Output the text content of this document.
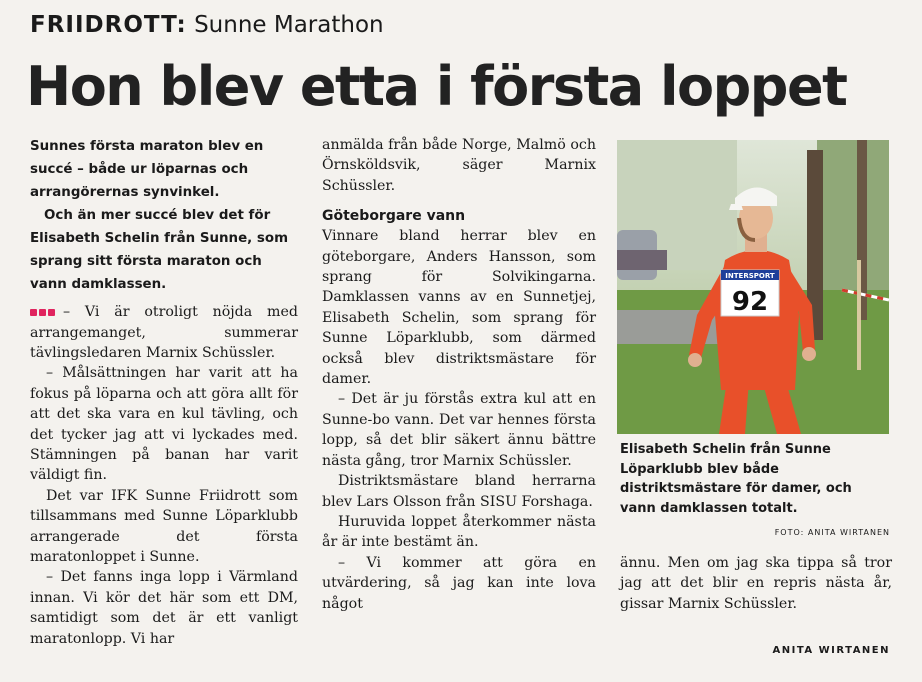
FRIIDROTT: Sunne Marathon
Hon blev etta i första loppet

Sunnes första maraton blev en succé – både ur löparnas och arrangörernas synvinkel.

Och än mer succé blev det för Elisabeth Schelin från Sunne, som sprang sitt första maraton och vann damklassen.

– Vi är otroligt nöjda med arrangemanget, summerar tävlingsledaren Marnix Schüssler.

– Målsättningen har varit att ha fokus på löparna och att göra allt för att det ska vara en kul tävling, och det tycker jag att vi lyckades med. Stämningen på banan har varit väldigt fin.

Det var IFK Sunne Friidrott som tillsammans med Sunne Löparklubb arrangerade det första maratonloppet i Sunne.

– Det fanns inga lopp i Värmland innan. Vi kör det här som ett DM, samtidigt som det är ett vanligt maratonlopp. Vi har

anmälda från både Norge, Malmö och Örnsköldsvik, säger Marnix Schüssler.

Göteborgare vann

Vinnare bland herrar blev en göteborgare, Anders Hansson, som sprang för Solvikingarna. Damklassen vanns av en Sunnetjej, Elisabeth Schelin, som sprang för Sunne Löparklubb, som därmed också blev distriktsmästare för damer.

– Det är ju förstås extra kul att en Sunne-bo vann. Det var hennes första lopp, så det blir säkert ännu bättre nästa gång, tror Marnix Schüssler.

Distriktsmästare bland herrarna blev Lars Olsson från SISU Forshaga.

Huruvida loppet återkommer nästa år är inte bestämt än.

– Vi kommer att göra en utvärdering, så jag kan inte lova något

INTERSPORT
92
Elisabeth Schelin från Sunne Löparklubb blev både distriktsmästare för damer, och vann damklassen totalt.
FOTO: ANITA WIRTANEN

ännu. Men om jag ska tippa så tror jag att det blir en repris nästa år, gissar Marnix Schüssler.

ANITA WIRTANEN
